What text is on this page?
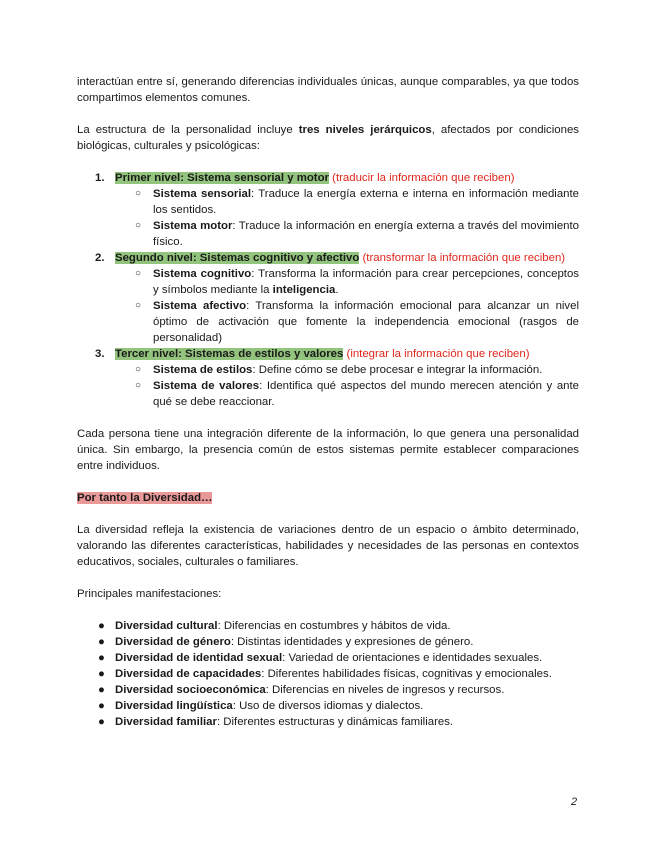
interactúan entre sí, generando diferencias individuales únicas, aunque comparables, ya que todos compartimos elementos comunes.

La estructura de la personalidad incluye tres niveles jerárquicos, afectados por condiciones biológicas, culturales y psicológicas:

1. Primer nivel: Sistema sensorial y motor (traducir la información que reciben)
○ Sistema sensorial: Traduce la energía externa e interna en información mediante los sentidos.
○ Sistema motor: Traduce la información en energía externa a través del movimiento físico.
2. Segundo nivel: Sistemas cognitivo y afectivo (transformar la información que reciben)
○ Sistema cognitivo: Transforma la información para crear percepciones, conceptos y símbolos mediante la inteligencia.
○ Sistema afectivo: Transforma la información emocional para alcanzar un nivel óptimo de activación que fomente la independencia emocional (rasgos de personalidad)
3. Tercer nivel: Sistemas de estilos y valores (integrar la información que reciben)
○ Sistema de estilos: Define cómo se debe procesar e integrar la información.
○ Sistema de valores: Identifica qué aspectos del mundo merecen atención y ante qué se debe reaccionar.

Cada persona tiene una integración diferente de la información, lo que genera una personalidad única. Sin embargo, la presencia común de estos sistemas permite establecer comparaciones entre individuos.

Por tanto la Diversidad…

La diversidad refleja la existencia de variaciones dentro de un espacio o ámbito determinado, valorando las diferentes características, habilidades y necesidades de las personas en contextos educativos, sociales, culturales o familiares.

Principales manifestaciones:

● Diversidad cultural: Diferencias en costumbres y hábitos de vida.
● Diversidad de género: Distintas identidades y expresiones de género.
● Diversidad de identidad sexual: Variedad de orientaciones e identidades sexuales.
● Diversidad de capacidades: Diferentes habilidades físicas, cognitivas y emocionales.
● Diversidad socioeconómica: Diferencias en niveles de ingresos y recursos.
● Diversidad lingüística: Uso de diversos idiomas y dialectos.
● Diversidad familiar: Diferentes estructuras y dinámicas familiares.
2
